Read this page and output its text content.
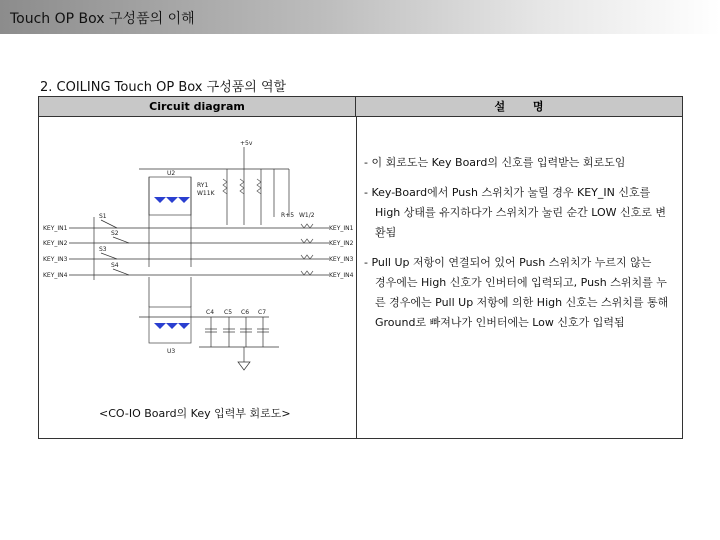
Touch OP Box 구성품의 이해
2. COILING Touch OP Box 구성품의 역할
Circuit diagram	설	명
+5v
U2
U3
RY1
W11K
R+5 W1/2
C4 C5 C6 C7
S1
S2
S3
S4
KEY_IN1
KEY_IN2
KEY_IN3
KEY_IN4
KEY_IN1
KEY_IN2
KEY_IN3
KEY_IN4
<CO-IO Board의 Key 입력부 회로도>

- 이 회로도는 Key Board의 신호를 입력받는 회로도임

- Key-Board에서 Push 스위치가 눌릴 경우 KEY_IN 신호를
High 상태를 유지하다가 스위치가 눌린 순간 LOW 신호로 변
환됨

- Pull Up 저항이 연결되어 있어 Push 스위치가 누르지 않는
경우에는 High 신호가 인버터에 입력되고, Push 스위치를 누
른 경우에는 Pull Up 저항에 의한 High 신호는 스위치를 통해
Ground로 빠져나가 인버터에는 Low 신호가 입력됨
